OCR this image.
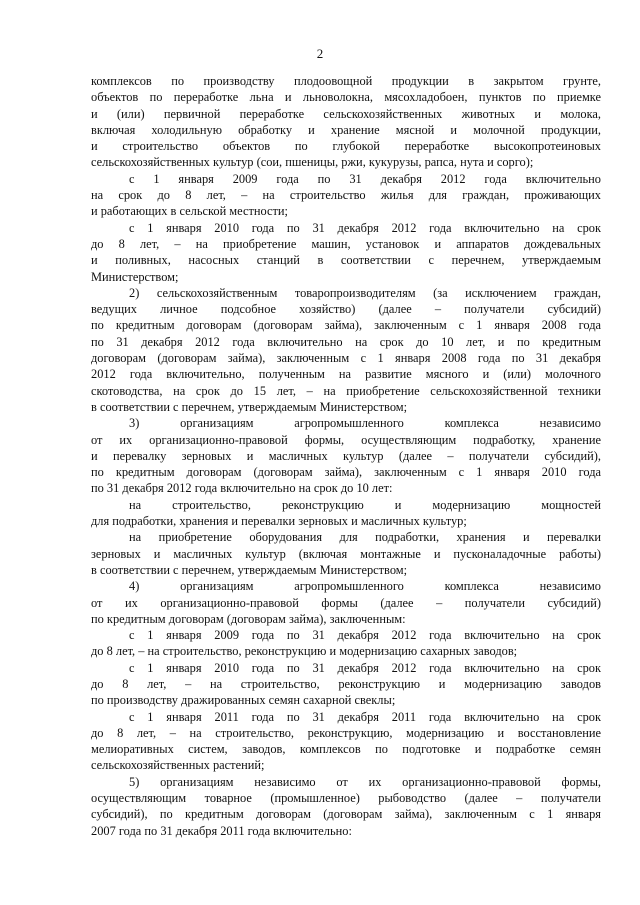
2
комплексов по производству плодоовощной продукции в закрытом грунте,
объектов по переработке льна и льноволокна, мясохладобоен, пунктов по приемке
и (или) первичной переработке сельскохозяйственных животных и молока,
включая холодильную обработку и хранение мясной и молочной продукции,
и строительство объектов по глубокой переработке высокопротеиновых
сельскохозяйственных культур (сои, пшеницы, ржи, кукурузы, рапса, нута и сорго);
с 1 января 2009 года по 31 декабря 2012 года включительно
на срок до 8 лет, – на строительство жилья для граждан, проживающих
и работающих в сельской местности;
с 1 января 2010 года по 31 декабря 2012 года включительно на срок
до 8 лет, – на приобретение машин, установок и аппаратов дождевальных
и поливных, насосных станций в соответствии с перечнем, утверждаемым
Министерством;
2) сельскохозяйственным товаропроизводителям (за исключением граждан,
ведущих личное подсобное хозяйство) (далее – получатели субсидий)
по кредитным договорам (договорам займа), заключенным с 1 января 2008 года
по 31 декабря 2012 года включительно на срок до 10 лет, и по кредитным
договорам (договорам займа), заключенным с 1 января 2008 года по 31 декабря
2012 года включительно, полученным на развитие мясного и (или) молочного
скотоводства, на срок до 15 лет, – на приобретение сельскохозяйственной техники
в соответствии с перечнем, утверждаемым Министерством;
3) организациям агропромышленного комплекса независимо
от их организационно-правовой формы, осуществляющим подработку, хранение
и перевалку зерновых и масличных культур (далее – получатели субсидий),
по кредитным договорам (договорам займа), заключенным с 1 января 2010 года
по 31 декабря 2012 года включительно на срок до 10 лет:
на строительство, реконструкцию и модернизацию мощностей
для подработки, хранения и перевалки зерновых и масличных культур;
на приобретение оборудования для подработки, хранения и перевалки
зерновых и масличных культур (включая монтажные и пусконаладочные работы)
в соответствии с перечнем, утверждаемым Министерством;
4) организациям агропромышленного комплекса независимо
от их организационно-правовой формы (далее – получатели субсидий)
по кредитным договорам (договорам займа), заключенным:
с 1 января 2009 года по 31 декабря 2012 года включительно на срок
до 8 лет, – на строительство, реконструкцию и модернизацию сахарных заводов;
с 1 января 2010 года по 31 декабря 2012 года включительно на срок
до 8 лет, – на строительство, реконструкцию и модернизацию заводов
по производству дражированных семян сахарной свеклы;
с 1 января 2011 года по 31 декабря 2011 года включительно на срок
до 8 лет, – на строительство, реконструкцию, модернизацию и восстановление
мелиоративных систем, заводов, комплексов по подготовке и подработке семян
сельскохозяйственных растений;
5) организациям независимо от их организационно-правовой формы,
осуществляющим товарное (промышленное) рыбоводство (далее – получатели
субсидий), по кредитным договорам (договорам займа), заключенным с 1 января
2007 года по 31 декабря 2011 года включительно:
